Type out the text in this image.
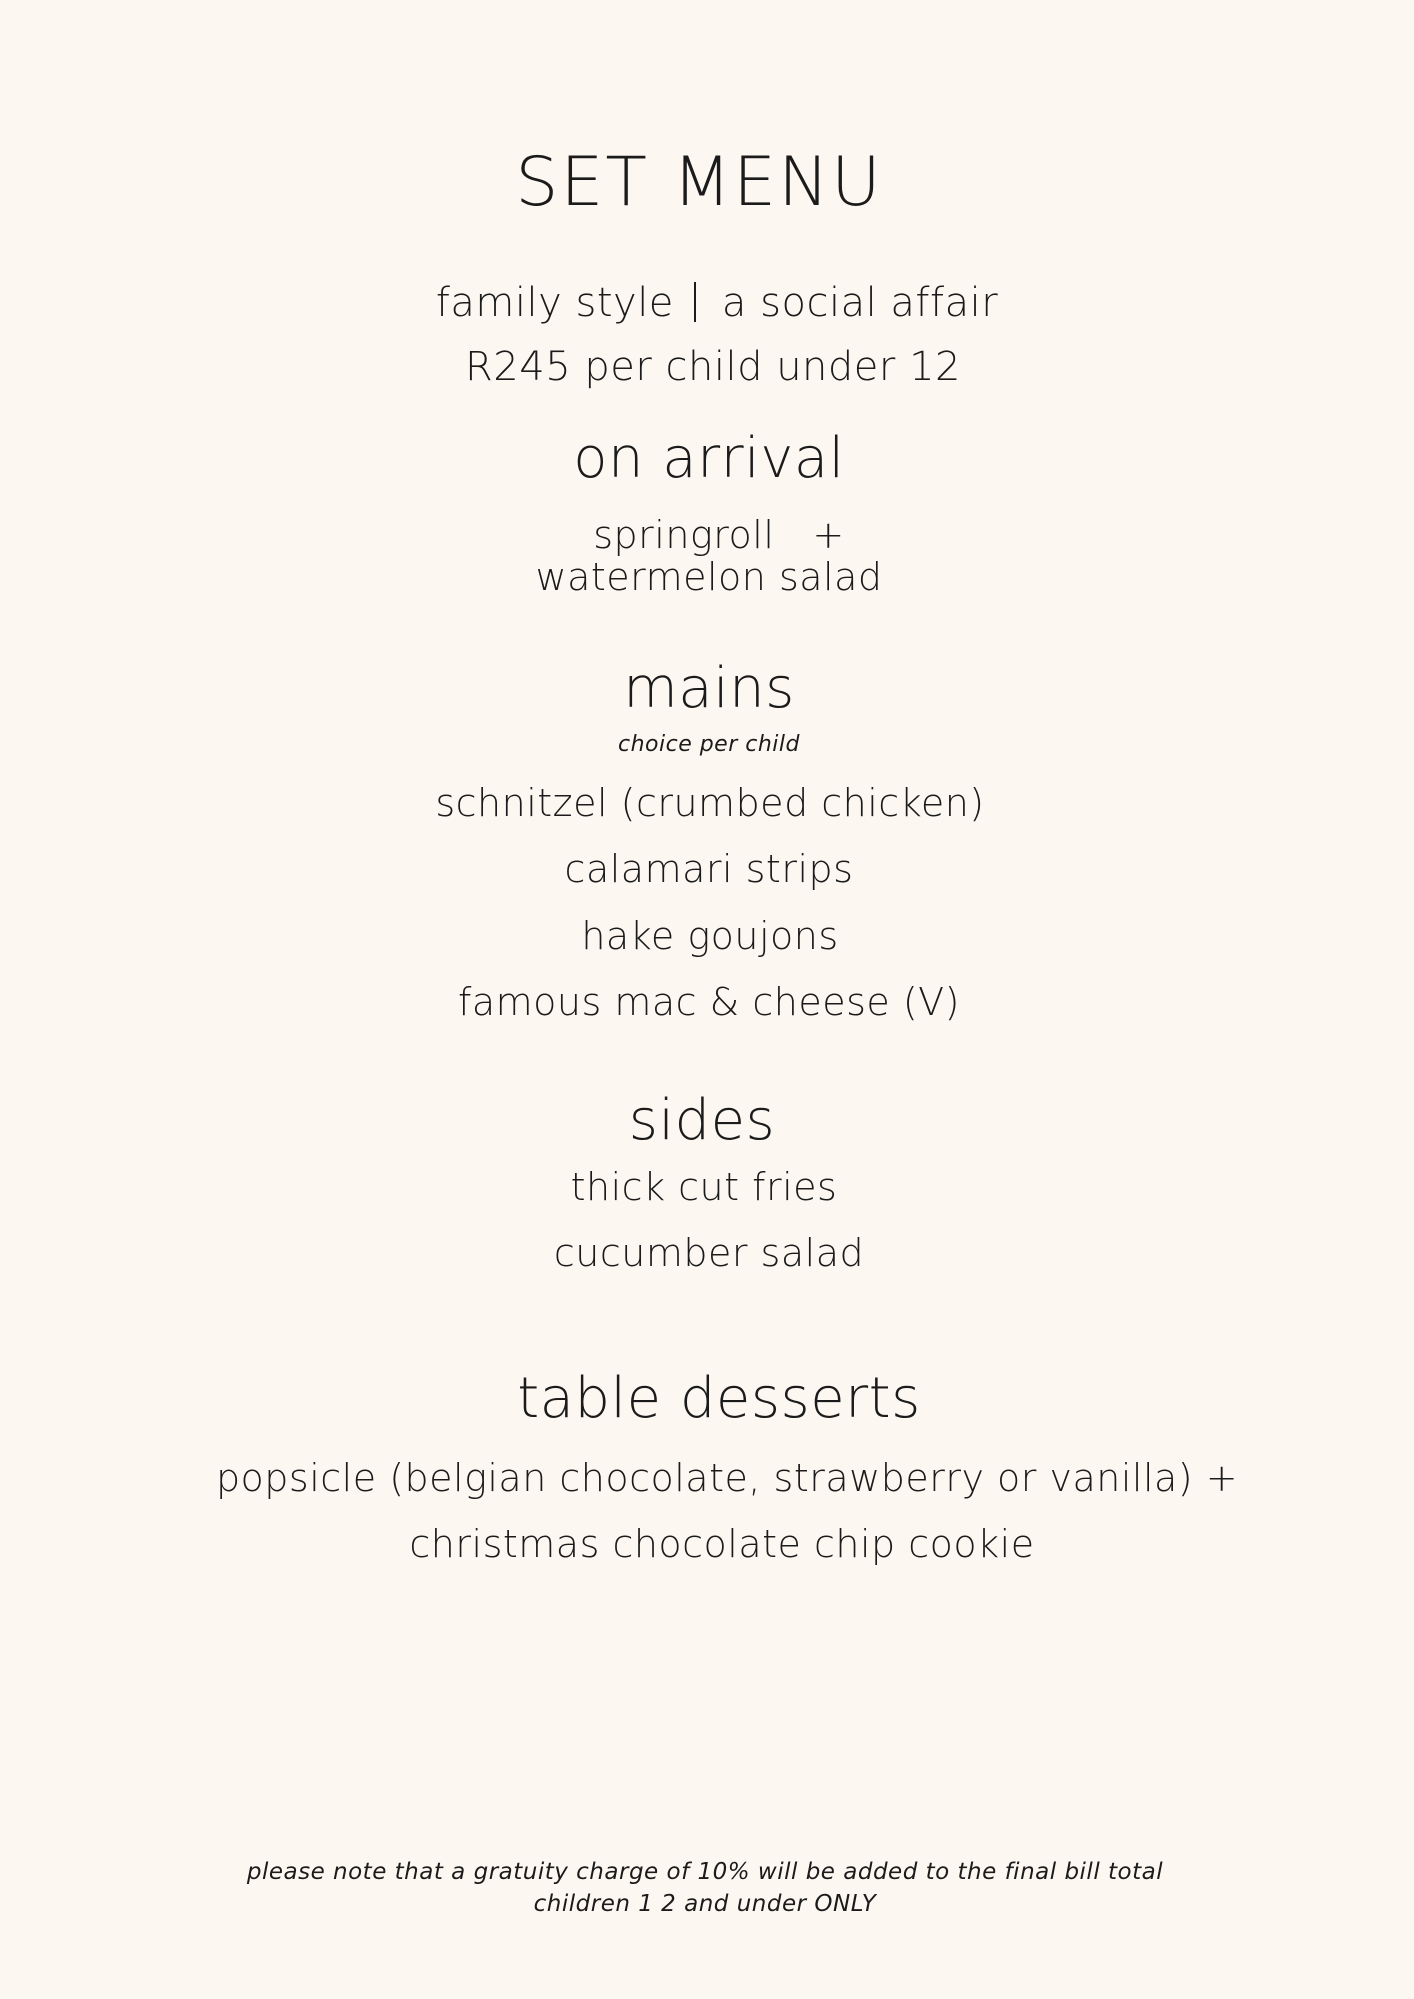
SET MENU
family style a social affair
R245 per child under 12
on arrival
springroll +
watermelon salad
mains
choice per child
schnitzel (crumbed chicken)
calamari strips
hake goujons
famous mac & cheese (V)
sides
thick cut fries
cucumber salad
table desserts
popsicle (belgian chocolate, strawberry or vanilla) +
christmas chocolate chip cookie
please note that a gratuity charge of 10% will be added to the final bill total
children 1 2 and under ONLY
